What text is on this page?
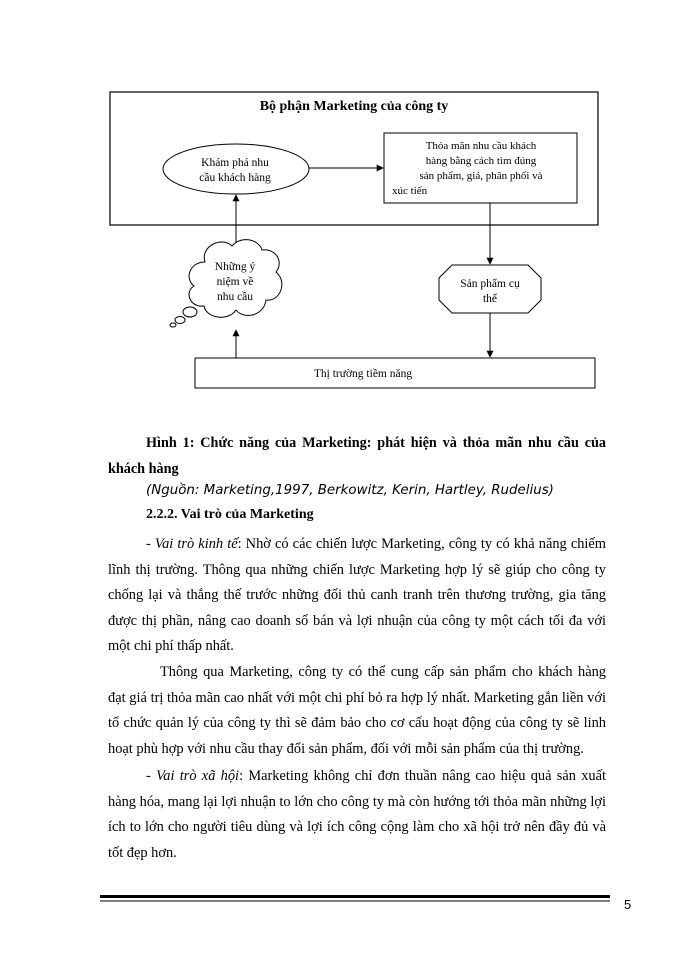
Bộ phận Marketing của công ty
Khám phá nhu
cầu khách hàng
Thỏa mãn nhu cầu khách
hàng bằng cách tìm đúng
sản phẩm, giá, phân phối và
xúc tiến
Sản phẩm cụ
thể
Thị trường tiềm năng
Những ý
niệm về
nhu cầu
Hình 1: Chức năng của Marketing: phát hiện và thỏa mãn nhu cầu của
khách hàng
(Nguồn: Marketing,1997, Berkowitz, Kerin, Hartley, Rudelius)
2.2.2. Vai trò của Marketing
- Vai trò kinh tế: Nhờ có các chiến lược Marketing, công ty có khả năng chiếm
lĩnh thị trường. Thông qua những chiến lược Marketing hợp lý sẽ giúp cho công ty
chống lại và thắng thế trước những đối thủ canh tranh trên thương trường, gia tăng
được thị phần, nâng cao doanh số bán và lợi nhuận của công ty một cách tối đa với
một chi phí thấp nhất.
Thông qua Marketing, công ty có thể cung cấp sản phẩm cho khách hàng
đạt giá trị thỏa mãn cao nhất với một chi phí bỏ ra hợp lý nhất. Marketing gắn liền với
tổ chức quản lý của công ty thì sẽ đảm bảo cho cơ cấu hoạt động của công ty sẽ linh
hoạt phù hợp với nhu cầu thay đổi sản phẩm, đối với mỗi sản phẩm của thị trường.
- Vai trò xã hội: Marketing không chỉ đơn thuần nâng cao hiệu quả sản xuất
hàng hóa, mang lại lợi nhuận to lớn cho công ty mà còn hướng tới thỏa mãn những lợi
ích to lớn cho người tiêu dùng và lợi ích công cộng làm cho xã hội trở nên đầy đủ và
tốt đẹp hơn.
5
